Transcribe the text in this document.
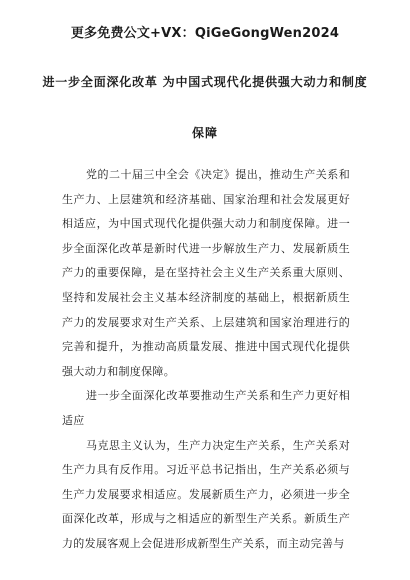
更多免费公文+VX：QiGeGongWen2024
进一步全面深化改革 为中国式现代化提供强大动力和制度
保障

党的二十届三中全会《决定》提出，推动生产关系和生产力、上层建筑和经济基础、国家治理和社会发展更好相适应，为中国式现代化提供强大动力和制度保障。进一步全面深化改革是新时代进一步解放生产力、发展新质生产力的重要保障，是在坚持社会主义生产关系重大原则、坚持和发展社会主义基本经济制度的基础上，根据新质生产力的发展要求对生产关系、上层建筑和国家治理进行的完善和提升，为推动高质量发展、推进中国式现代化提供强大动力和制度保障。

进一步全面深化改革要推动生产关系和生产力更好相适应

马克思主义认为，生产力决定生产关系，生产关系对生产力具有反作用。习近平总书记指出，生产关系必须与生产力发展要求相适应。发展新质生产力，必须进一步全面深化改革，形成与之相适应的新型生产关系。新质生产力的发展客观上会促进形成新型生产关系，而主动完善与
